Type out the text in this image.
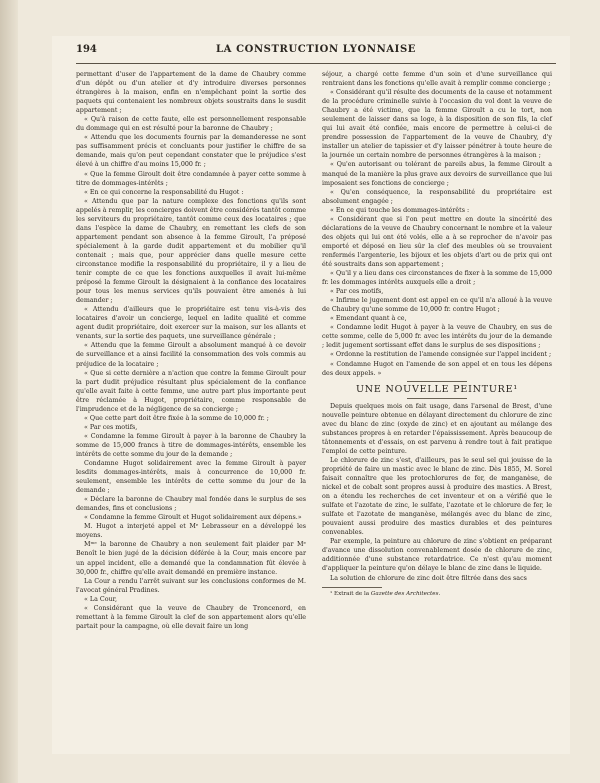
194	LA CONSTRUCTION LYONNAISE

permettant d'user de l'appartement de la dame de Chaubry comme d'un dépôt ou d'un atelier et d'y introduire diverses personnes étrangères à la maison, enfin en n'empêchant point la sortie des paquets qui contenaient les nombreux objets soustraits dans le susdit appartement ;

« Qu'à raison de cette faute, elle est personnellement responsable du dommage qui en est résulté pour la baronne de Chaubry ;

« Attendu que les documents fournis par la demanderesse ne sont pas suffisamment précis et concluants pour justifier le chiffre de sa demande, mais qu'on peut cependant constater que le préjudice s'est élevé à un chiffre d'au moins 15,000 fr. ;

« Que la femme Giroult doit être condamnée à payer cette somme à titre de dommages-intérêts ;

« En ce qui concerne la responsabilité du Hugot :

« Attendu que par la nature complexe des fonctions qu'ils sont appelés à remplir, les concierges doivent être considérés tantôt comme les serviteurs du propriétaire, tantôt comme ceux des locataires ; que dans l'espèce la dame de Chaubry, en remettant les clefs de son appartement pendant son absence à la femme Giroult, l'a préposé spécialement à la garde dudit appartement et du mobilier qu'il contenait ; mais que, pour apprécier dans quelle mesure cette circonstance modifie la responsabilité du propriétaire, il y a lieu de tenir compte de ce que les fonctions auxquelles il avait lui-même préposé la femme Giroult la désignaient à la confiance des locataires pour tous les menus services qu'ils pouvaient être amenés à lui demander ;

« Attendu d'ailleurs que le propriétaire est tenu vis-à-vis des locataires d'avoir un concierge, lequel en ladite qualité et comme agent dudit propriétaire, doit exercer sur la maison, sur les allants et venants, sur la sortie des paquets, une surveillance générale ;

« Attendu que la femme Giroult a absolument manqué à ce devoir de surveillance et a ainsi facilité la consommation des vols commis au préjudice de la locataire ;

« Que si cette dernière a n'action que contre la femme Giroult pour la part dudit préjudice résultant plus spécialement de la confiance qu'elle avait faite à cette femme, une autre part plus importante peut être réclamée à Hugot, propriétaire, comme responsable de l'imprudence et de la négligence de sa concierge ;

« Que cette part doit être fixée à la somme de 10,000 fr. ;

« Par ces motifs,

« Condamne la femme Giroult à payer à la baronne de Chaubry la somme de 15,000 francs à titre de dommages-intérêts, ensemble les intérêts de cette somme du jour de la demande ;

Condamne Hugot solidairement avec la femme Giroult à payer lesdits dommages-intérêts, mais à concurrence de 10,000 fr. seulement, ensemble les intérêts de cette somme du jour de la demande ;

« Déclare la baronne de Chaubry mal fondée dans le surplus de ses demandes, fins et conclusions ;

« Condamne la femme Giroult et Hugot solidairement aux dépens.»

M. Hugot a interjeté appel et Mᵉ Lebrasseur en a développé les moyens.

Mᵐᵉ la baronne de Chaubry a non seulement fait plaider par Mᵉ Benoît le bien jugé de la décision déférée à la Cour, mais encore par un appel incident, elle a demandé que la condamnation fût élevée à 30,000 fr., chiffre qu'elle avait demandé en première instance.

La Cour a rendu l'arrêt suivant sur les conclusions conformes de M. l'avocat général Pradines.

« La Cour,

« Considérant que la veuve de Chaubry de Troncenord, en remettant à la femme Giroult la clef de son appartement alors qu'elle partait pour la campagne, où elle devait faire un long

séjour, a chargé cette femme d'un soin et d'une surveillance qui rentraient dans les fonctions qu'elle avait à remplir comme concierge ;

« Considérant qu'il résulte des documents de la cause et notamment de la procédure criminelle suivie à l'occasion du vol dont la veuve de Chaubry a été victime, que la femme Giroult a cu le tort, non seulement de laisser dans sa loge, à la disposition de son fils, la clef qui lui avait été confiée, mais encore de permettre à celui-ci de prendre possession de l'appartement de la veuve de Chaubry, d'y installer un atelier de tapissier et d'y laisser pénétrer à toute heure de la journée un certain nombre de personnes étrangères à la maison ;

« Qu'en autorisant ou tolérant de pareils abus, la femme Giroult a manqué de la manière la plus grave aux devoirs de surveillance que lui imposaient ses fonctions de concierge ;

« Qu'en conséquence, la responsabilité du propriétaire est absolument engagée ;

« En ce qui touche les dommages-intérêts :

« Considérant que si l'on peut mettre en doute la sincérité des déclarations de la veuve de Chaubry concernant le nombre et la valeur des objets qui lui ont été volés, elle a à se reprocher de n'avoir pas emporté et déposé en lieu sûr la clef des meubles où se trouvaient renfermés l'argenterie, les bijoux et les objets d'art ou de prix qui ont été soustraits dans son appartement ;

« Qu'il y a lieu dans ces circonstances de fixer à la somme de 15,000 fr. les dommages intérêts auxquels elle a droit ;

« Par ces motifs,

« Infirme le jugement dont est appel en ce qu'il n'a alloué à la veuve de Chaubry qu'une somme de 10,000 fr. contre Hugot ;

« Emendant quant à ce,

« Condamne ledit Hugot à payer à la veuve de Chaubry, en sus de cette somme, celle de 5,000 fr. avec les intérêts du jour de la demande ; ledit jugement sortissant effet dans le surplus de ses dispositions ;

« Ordonne la restitution de l'amende consignée sur l'appel incident ;

« Condamne Hugot en l'amende de son appel et en tous les dépens des deux appels. »

UNE NOUVELLE PEINTURE¹

Depuis quelques mois on fait usage, dans l'arsenal de Brest, d'une nouvelle peinture obtenue en délayant directement du chlorure de zinc avec du blanc de zinc (oxyde de zinc) et en ajoutant au mélange des substances propres à en retarder l'épaississement. Après beaucoup de tâtonnements et d'essais, on est parvenu à rendre tout à fait pratique l'emploi de cette peinture.

Le chlorure de zinc s'est, d'ailleurs, pas le seul sel qui jouisse de la propriété de faire un mastic avec le blanc de zinc. Dès 1855, M. Sorel faisait connaître que les protochlorures de fer, de manganèse, de nickel et de cobalt sont propres aussi à produire des mastics. A Brest, on a étendu les recherches de cet inventeur et on a vérifié que le sulfate et l'azotate de zinc, le sulfate, l'azotate et le chlorure de fer, le sulfate et l'azotate de manganèse, mélangés avec du blanc de zinc, pouvaient aussi produire des mastics durables et des peintures convenables.

Par exemple, la peinture au chlorure de zinc s'obtient en préparant d'avance une dissolution convenablement dosée de chlorure de zinc, additionnée d'une substance retardatrice. Ce n'est qu'au moment d'appliquer la peinture qu'on délaye le blanc de zinc dans le liquide.

La solution de chlorure de zinc doit être filtrée dans des sacs

¹ Extrait de la Gazette des Architectes.
